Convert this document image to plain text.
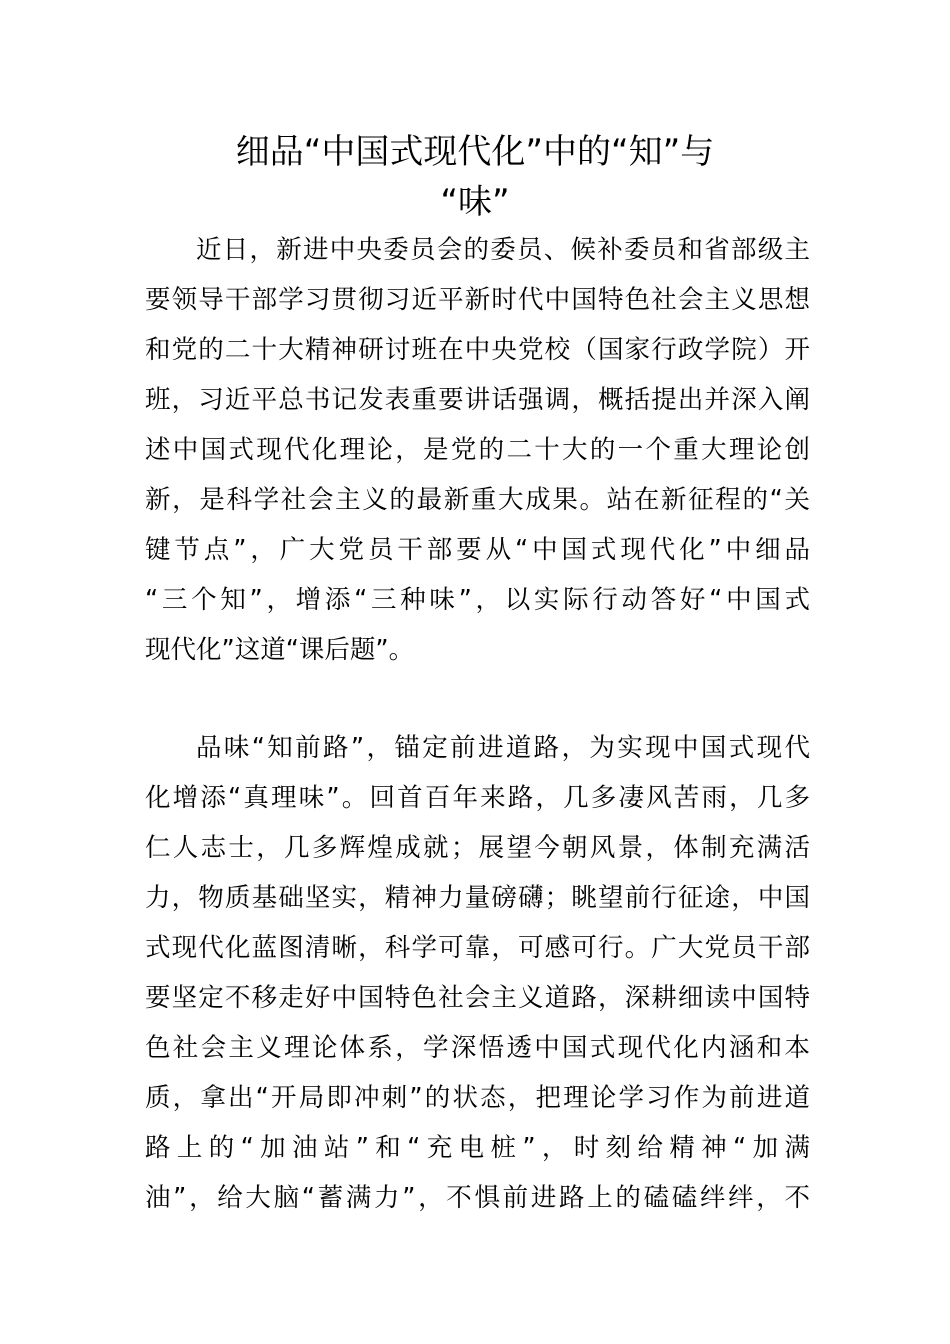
细品“中国式现代化”中的“知”与
“味”
近日，新进中央委员会的委员、候补委员和省部级主
要领导干部学习贯彻习近平新时代中国特色社会主义思想
和党的二十大精神研讨班在中央党校（国家行政学院）开
班，习近平总书记发表重要讲话强调，概括提出并深入阐
述中国式现代化理论，是党的二十大的一个重大理论创
新，是科学社会主义的最新重大成果。站在新征程的“关
键节点”，广大党员干部要从“中国式现代化”中细品
“三个知”，增添“三种味”，以实际行动答好“中国式
现代化”这道“课后题”。
品味“知前路”，锚定前进道路，为实现中国式现代
化增添“真理味”。回首百年来路，几多凄风苦雨，几多
仁人志士，几多辉煌成就；展望今朝风景，体制充满活
力，物质基础坚实，精神力量磅礴；眺望前行征途，中国
式现代化蓝图清晰，科学可靠，可感可行。广大党员干部
要坚定不移走好中国特色社会主义道路，深耕细读中国特
色社会主义理论体系，学深悟透中国式现代化内涵和本
质，拿出“开局即冲刺”的状态，把理论学习作为前进道
路上的“加油站”和“充电桩”，时刻给精神“加满
油”，给大脑“蓄满力”，不惧前进路上的磕磕绊绊，不
